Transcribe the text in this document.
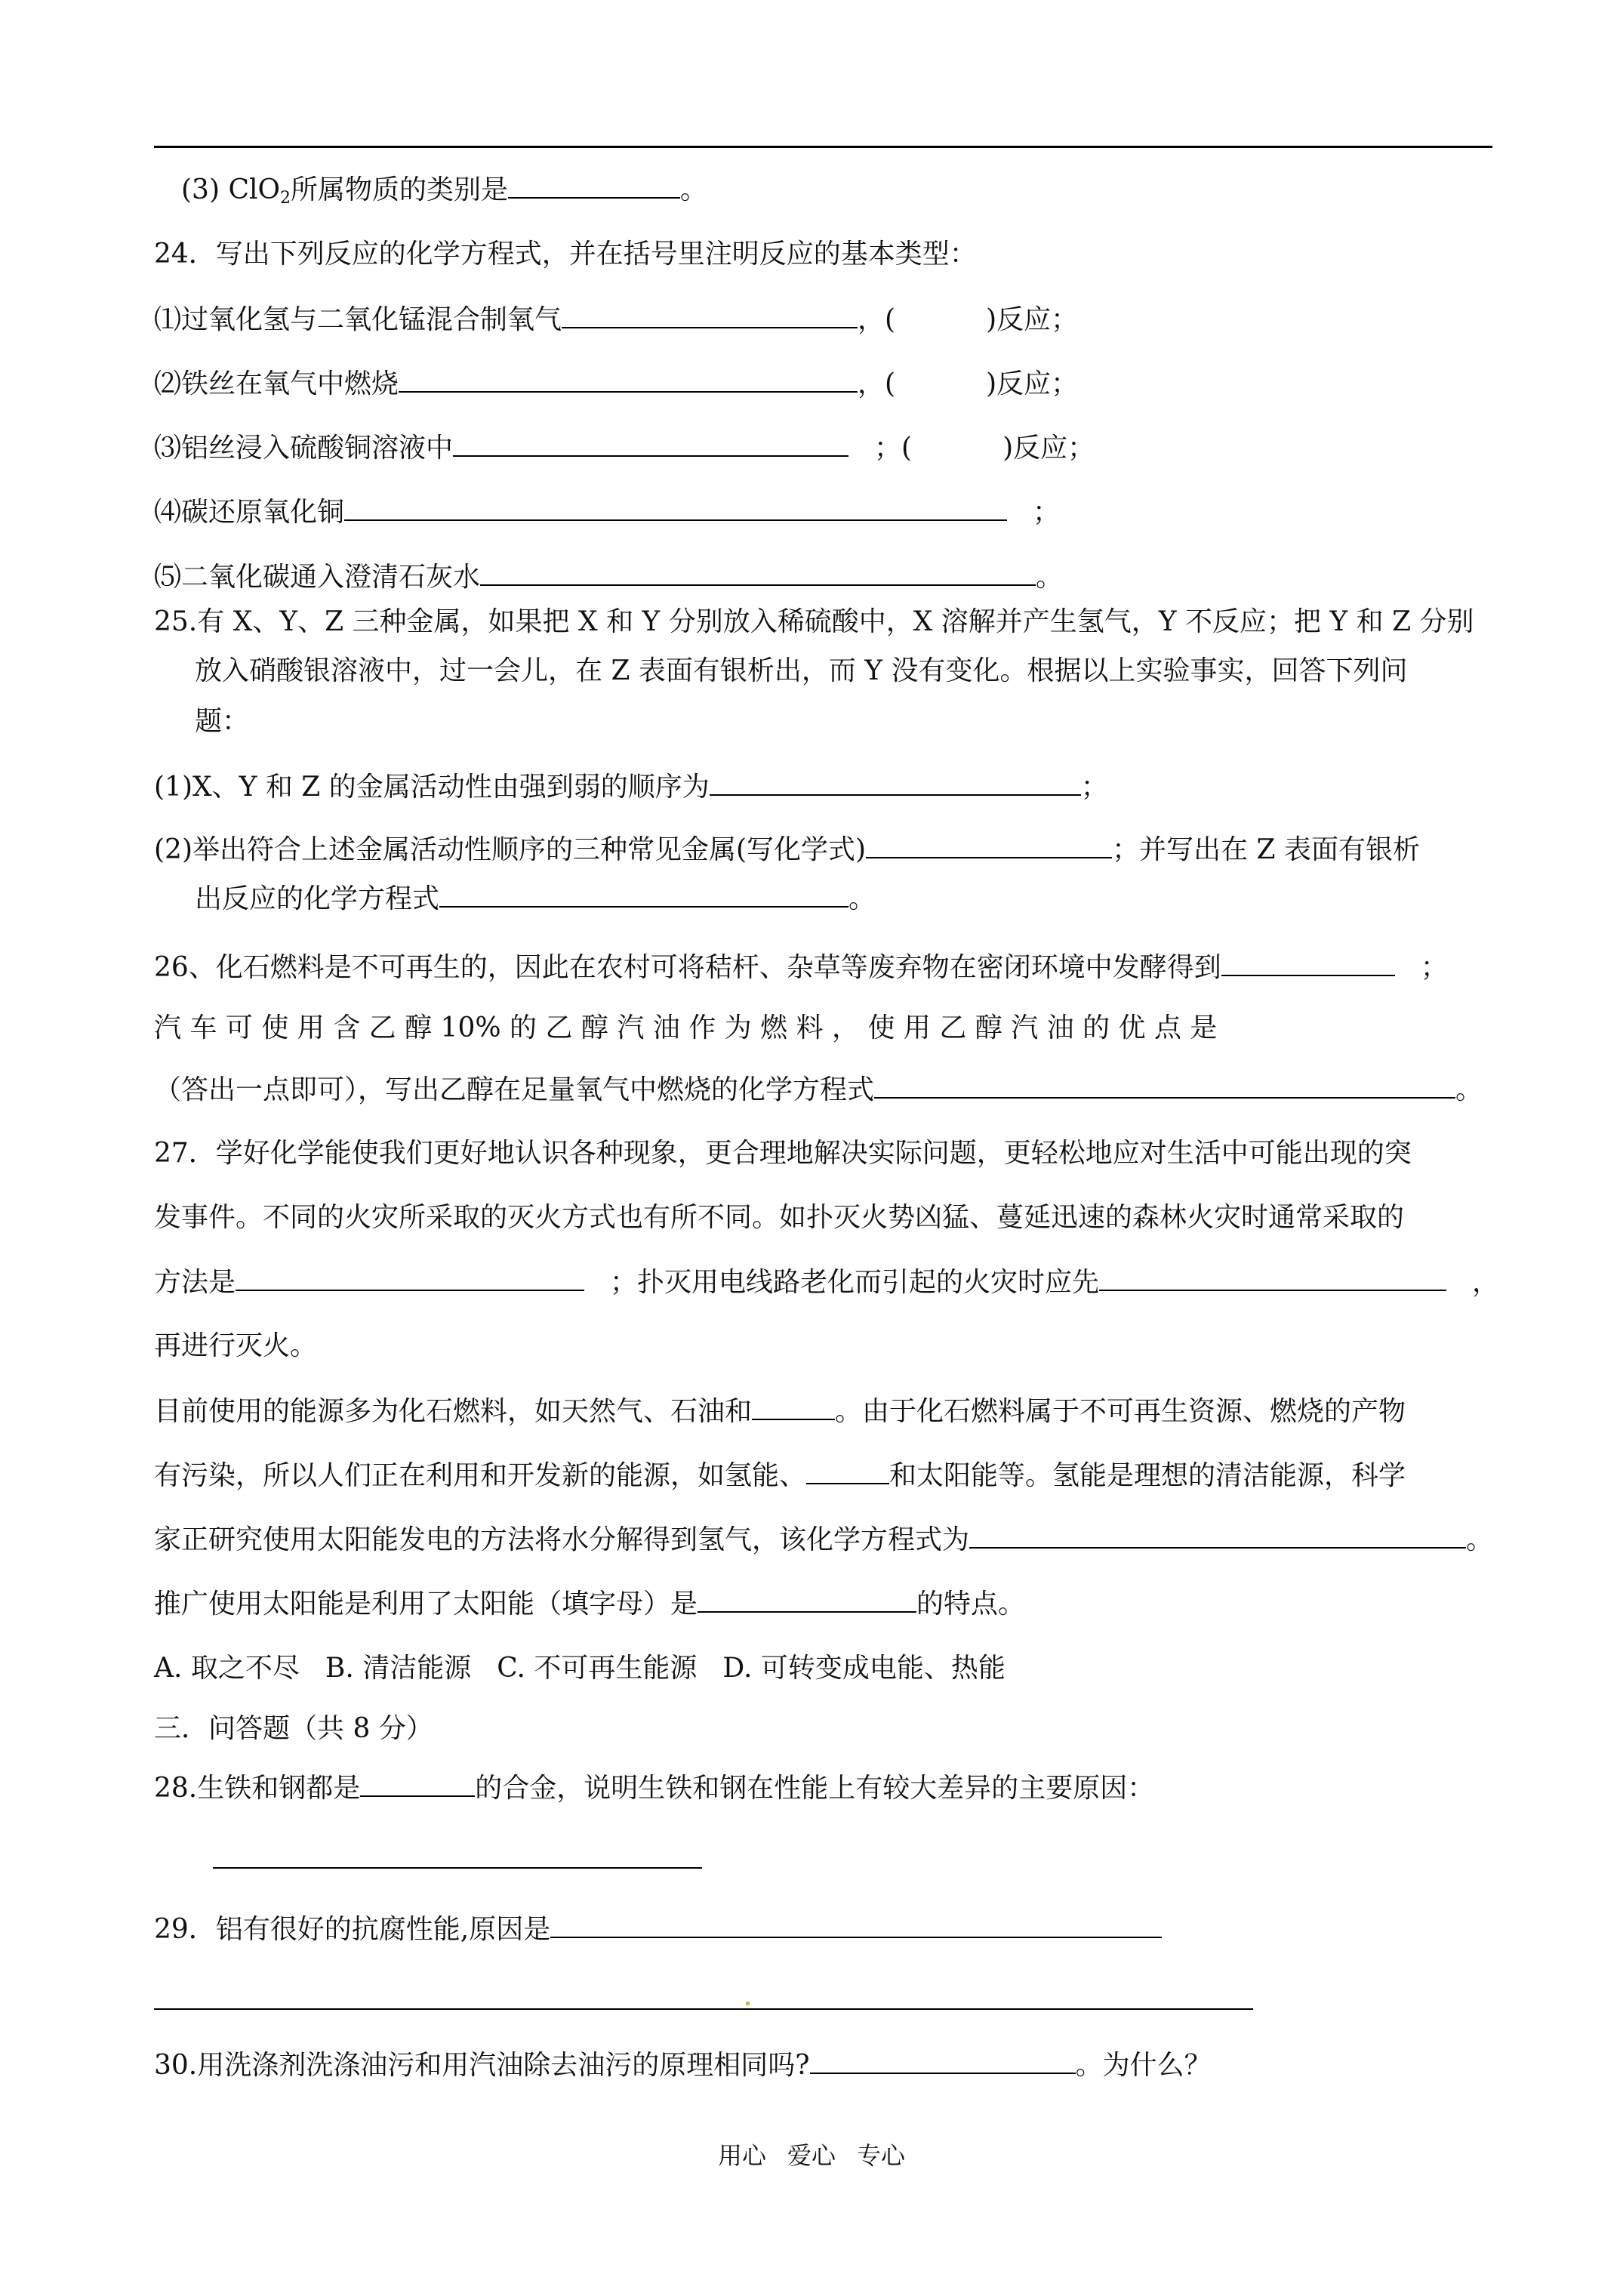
(3) ClO$_2$所属物质的类别是	。
24．写出下列反应的化学方程式，并在括号里注明反应的基本类型：
⑴过氧化氢与二氧化锰混合制氧气	，(	)反应；
⑵铁丝在氧气中燃烧	，(	)反应；
⑶铝丝浸入硫酸铜溶液中	；(	)反应；
⑷碳还原氧化铜	；
⑸二氧化碳通入澄清石灰水	。
25.有 X、Y、Z 三种金属，如果把 X 和 Y 分别放入稀硫酸中，X 溶解并产生氢气，Y 不反应；把 Y 和 Z 分别
放入硝酸银溶液中，过一会儿，在 Z 表面有银析出，而 Y 没有变化。根据以上实验事实，回答下列问
题：
(1)X、Y 和 Z 的金属活动性由强到弱的顺序为	；
(2)举出符合上述金属活动性顺序的三种常见金属(写化学式)	；并写出在 Z 表面有银析
出反应的化学方程式	。
26、化石燃料是不可再生的，因此在农村可将秸杆、杂草等废弃物在密闭环境中发酵得到	；
汽 车 可 使 用 含 乙 醇 10% 的 乙 醇 汽 油 作 为 燃 料 ， 使 用 乙 醇 汽 油 的 优 点 是
（答出一点即可），写出乙醇在足量氧气中燃烧的化学方程式	。
27．学好化学能使我们更好地认识各种现象，更合理地解决实际问题，更轻松地应对生活中可能出现的突
发事件。不同的火灾所采取的灭火方式也有所不同。如扑灭火势凶猛、蔓延迅速的森林火灾时通常采取的
方法是	；扑灭用电线路老化而引起的火灾时应先	，
再进行灭火。
目前使用的能源多为化石燃料，如天然气、石油和	。由于化石燃料属于不可再生资源、燃烧的产物
有污染，所以人们正在利用和开发新的能源，如氢能、	和太阳能等。氢能是理想的清洁能源，科学
家正研究使用太阳能发电的方法将水分解得到氢气，该化学方程式为	。
推广使用太阳能是利用了太阳能（填字母）是	的特点。
A. 取之不尽 B. 清洁能源 C. 不可再生能源 D. 可转变成电能、热能
三．问答题（共 8 分）
28.生铁和钢都是	的合金，说明生铁和钢在性能上有较大差异的主要原因：
29．铝有很好的抗腐性能,原因是
30.用洗涤剂洗涤油污和用汽油除去油污的原理相同吗?	。为什么？
用心 爱心 专心
